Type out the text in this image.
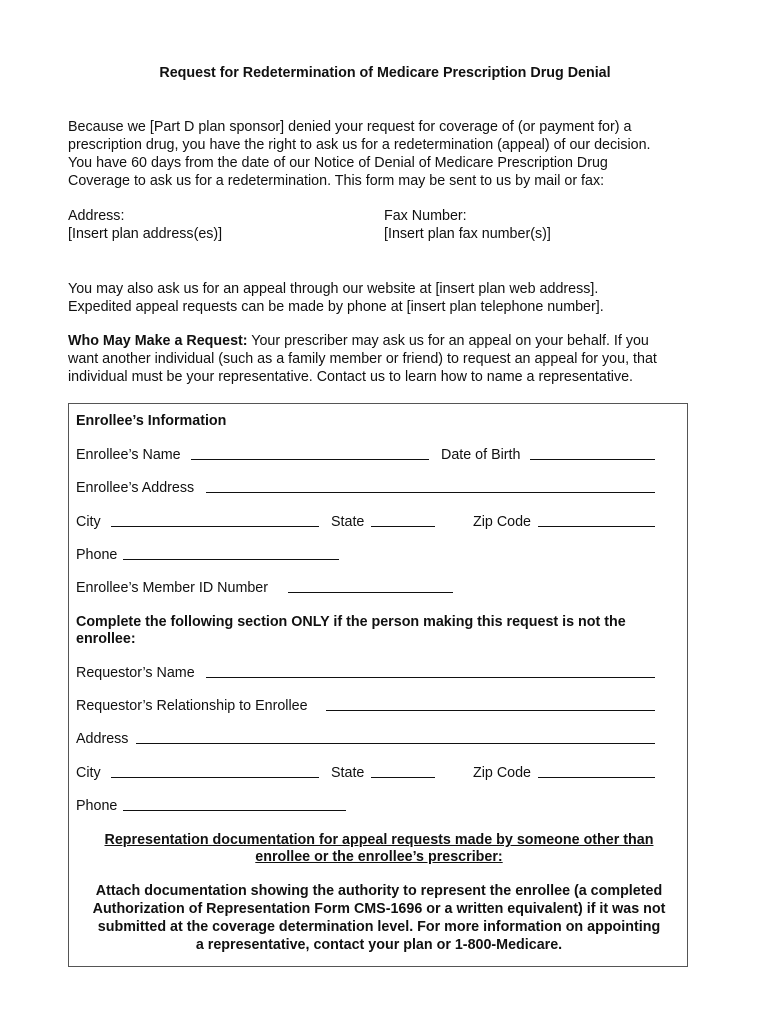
Request for Redetermination of Medicare Prescription Drug Denial
Because we [Part D plan sponsor] denied your request for coverage of (or payment for) a
prescription drug, you have the right to ask us for a redetermination (appeal) of our decision.
You have 60 days from the date of our Notice of Denial of Medicare Prescription Drug
Coverage to ask us for a redetermination. This form may be sent to us by mail or fax:
Address:
[Insert plan address(es)]
Fax Number:
[Insert plan fax number(s)]
You may also ask us for an appeal through our website at [insert plan web address].
Expedited appeal requests can be made by phone at [insert plan telephone number].
Who May Make a Request: Your prescriber may ask us for an appeal on your behalf. If you
want another individual (such as a family member or friend) to request an appeal for you, that
individual must be your representative. Contact us to learn how to name a representative.
Enrollee’s Information
Enrollee’s Name	Date of Birth
Enrollee’s Address
City	State	Zip Code
Phone
Enrollee’s Member ID Number
Complete the following section ONLY if the person making this request is not the
enrollee:
Requestor’s Name
Requestor’s Relationship to Enrollee
Address
City	State	Zip Code
Phone
Representation documentation for appeal requests made by someone other than
enrollee or the enrollee’s prescriber:
Attach documentation showing the authority to represent the enrollee (a completed
Authorization of Representation Form CMS-1696 or a written equivalent) if it was not
submitted at the coverage determination level. For more information on appointing
a representative, contact your plan or 1-800-Medicare.
